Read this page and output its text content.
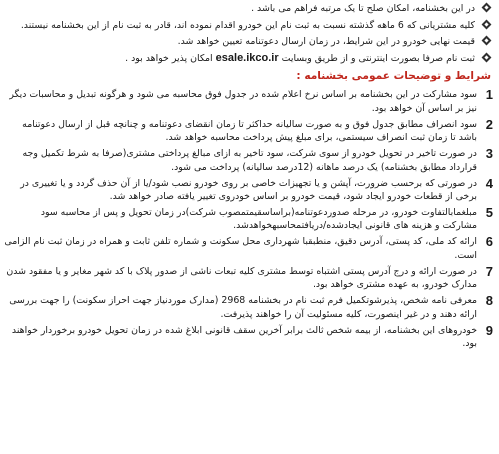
در این بخشنامه، امکان صلح تا یک مرتبه فراهم می باشد .
کلیه مشتریانی که 6 ماهه گذشته نسبت به ثبت نام این خودرو اقدام نموده اند، قادر به ثبت نام از این بخشنامه نیستند.
قیمت نهایی خودرو در این شرایط، در زمان ارسال دعوتنامه تعیین خواهد شد.
ثبت نام صرفا بصورت اینترنتی و از طریق وبسایت esale.ikco.ir امکان پذیر خواهد بود .
شرایط و توضیحات عمومی بخشنامه :
1
سود مشارکت در این بخشنامه بر اساس نرخ اعلام شده در جدول فوق محاسبه می شود و هرگونه تبدیل و محاسبات دیگر نیز بر اساس آن خواهد بود.
2
سود انصراف مطابق جدول فوق و به صورت سالیانه حداکثر تا زمان انقضای دعوتنامه و چنانچه قبل از ارسال دعوتنامه باشد تا زمان ثبت انصراف سیستمی، برای مبلغ پیش پرداخت محاسبه خواهد شد.
3
در صورت تاخیر در تحویل خودرو از سوی شرکت، سود تاخیر به ازای مبالغ پرداختی مشتری(صرفا به شرط تکمیل وجه قرارداد مطابق بخشنامه) یک درصد ماهانه (12درصد سالیانه) پرداخت می شود.
4
در صورتی که برحسب ضرورت، آپشن و یا تجهیزات خاصی بر روی خودرو نصب شود/یا از آن حذف گردد و یا تغییری در برخی از قطعات خودرو ایجاد شود، قیمت خودرو بر اساس خودروی تغییر یافته صادر خواهد شد.
5
مبلغمابالتفاوت خودرو، در مرحله صدوردعوتنامه(براساسقیمتمصوب شرکت)در زمان تحویل و پس از محاسبه سود مشارکت و هزینه های قانونی ایجادشده/دریافتمحاسبهخواهدشد.
6
ارائه کد ملی، کد پستی، آدرس دقیق، منطبقبا شهرداری محل سکونت و شماره تلفن ثابت و همراه در زمان ثبت نام الزامی است.
7
در صورت ارائه و درج آدرس پستی اشتباه توسط مشتری کلیه تبعات ناشی از صدور پلاک با کد شهر مغایر و یا مفقود شدن مدارک خودرو، به عهده مشتری خواهد بود.
8
معرفی نامه شخص، پذیرشوتکمیل فرم ثبت نام در بخشنامه 2968 (مدارک موردنیاز جهت احراز سکونت) را جهت بررسی ارائه دهند و در غیر اینصورت، کلیه مسئولیت آن را خواهند پذیرفت.
9
خودروهای این بخشنامه، از بیمه شخص ثالث برابر آخرین سقف قانونی ابلاغ شده در زمان تحویل خودرو برخوردار خواهند بود.
